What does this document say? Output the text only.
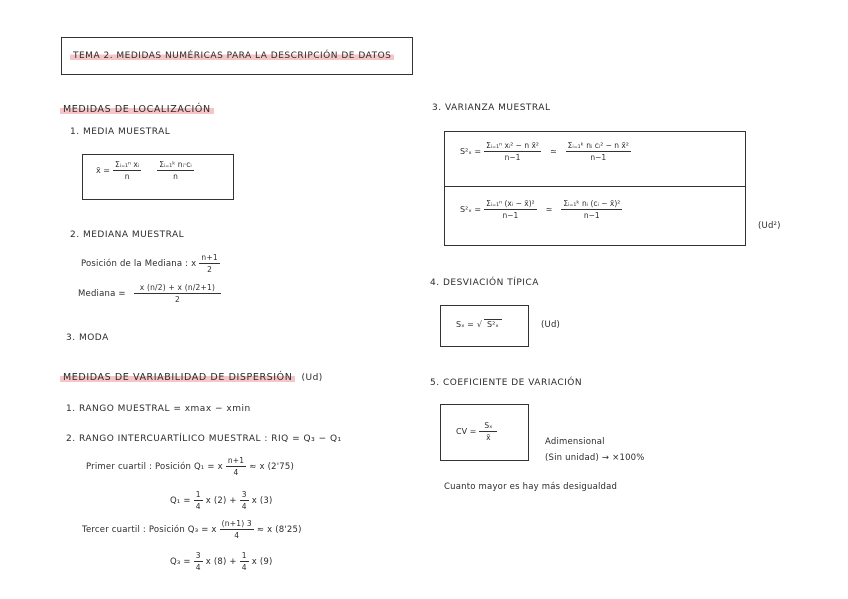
TEMA 2. MEDIDAS NUMÉRICAS PARA LA DESCRIPCIÓN DE DATOS
MEDIDAS DE LOCALIZACIÓN
1. MEDIA MUESTRAL
x̄ = $\frac{\text{Σᵢ₌₁ⁿ xᵢ}}{n} \frac{\text{Σᵢ₌₁ᵏ nᵢ·cᵢ}}{n}$
2. MEDIANA MUESTRAL
Posición de la Mediana : x $\frac{n+1}{2}$
Mediana = $\frac{x (n/2) + x (n/2+1)}{2}$
3. MODA
MEDIDAS DE VARIABILIDAD DE DISPERSIÓN	(Ud)
1. RANGO MUESTRAL = xmax − xmin
2. RANGO INTERCUARTÍLICO MUESTRAL : RIQ = Q₃ − Q₁
Primer cuartil : Posición Q₁ = x $\frac{n+1}{4} \approx x$ (2'75)
$Q_1 = \frac{1}{4}$ x $(2) + \frac{3}{4}$ x (3)
Tercer cuartil : Posición Q₃ = x $\frac{(n+1) 3}{4} \approx x$ (8'25)
$Q_3 = \frac{3}{4}$ x $(8) + \frac{1}{4}$ x (9)
3. VARIANZA MUESTRAL
$S^2_x = \frac{\text{Σᵢ₌₁ⁿ xᵢ² − n x̄²}}{n-1}$ ≃ $\frac{\text{Σᵢ₌₁ᵏ nᵢ cᵢ² − n x̄²}}{n-1}$
$S^2_x = \frac{\text{Σᵢ₌₁ⁿ (xᵢ − x̄)²}}{n-1}$ ≃ $\frac{\text{Σᵢ₌₁ᵏ nᵢ (cᵢ − x̄)²}}{n-1}$
(Ud²)
4. DESVIACIÓN TÍPICA
Sₓ = √ S²ₓ	(Ud)
5. COEFICIENTE DE VARIACIÓN
CV = $\frac{\text{Sₓ}}{x̄}$	Adimensional
(Sin unidad) → ×100%
Cuanto mayor es hay más desigualdad
